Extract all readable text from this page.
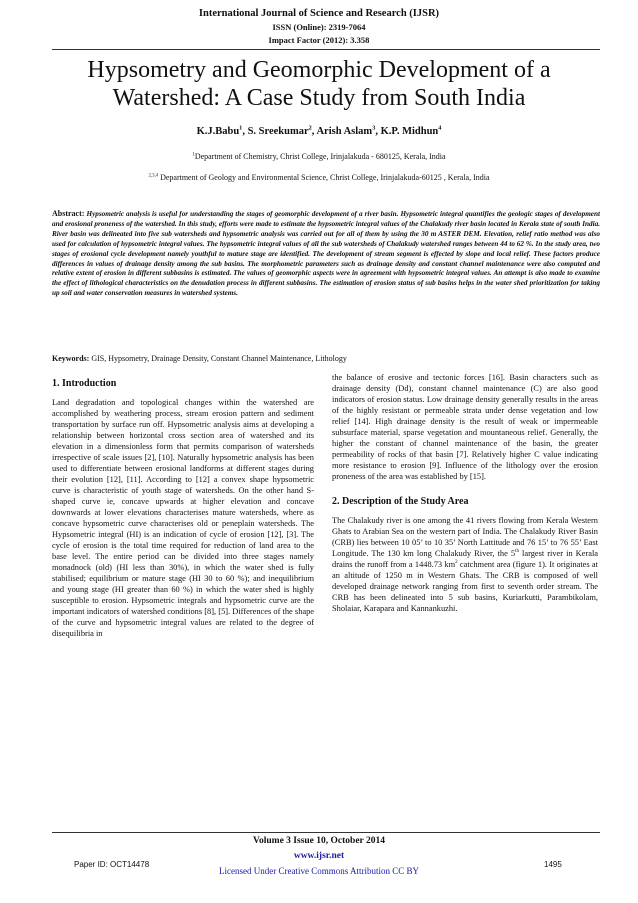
International Journal of Science and Research (IJSR)
ISSN (Online): 2319-7064
Impact Factor (2012): 3.358
Hypsometry and Geomorphic Development of a Watershed: A Case Study from South India
K.J.Babu$^1$, S. Sreekumar$^2$, Arish Aslam$^3$, K.P. Midhun$^4$
$^1$Department of Chemistry, Christ College, Irinjalakuda - 680125, Kerala, India
$^{2,3,4}$ Department of Geology and Environmental Science, Christ College, Irinjalakuda-60125 , Kerala, India
Abstract: Hypsometric analysis is useful for understanding the stages of geomorphic development of a river basin. Hypsometric integral quantifies the geologic stages of development and erosional proneness of the watershed. In this study, efforts were made to estimate the hypsometric integral values of the Chalakudy river basin located in Kerala state of south India. River basin was delineated into five sub watersheds and hypsometric analysis was carried out for all of them by using the 30 m ASTER DEM. Elevation, relief ratio method was also used for calculation of hypsometric integral values. The hypsometric integral values of all the sub watersheds of Chalakudy watershed ranges between 44 to 62 %. In the study area, two stages of erosional cycle development namely youthful to mature stage are identified. The development of stream segment is effected by slope and local relief. These factors produce differences in values of drainage density among the sub basins. The morphometric parameters such as drainage density and constant channel maintenance were also computed and relative extent of erosion in different subbasins is estimated. The values of geomorphic aspects were in agreement with hypsometric integral values. An attempt is also made to examine the effect of lithological characteristics on the denudation process in different subbasins. The estimation of erosion status of sub basins helps in the water shed prioritization for taking up soil and water conservation measures in watershed systems.
Keywords: GIS, Hypsometry, Drainage Density, Constant Channel Maintenance, Lithology
1. Introduction

Land degradation and topological changes within the watershed are accomplished by weathering process, stream erosion pattern and sediment transportation by surface run off. Hypsometric analysis aims at developing a relationship between horizontal cross section area of watershed and its elevation in a dimensionless form that permits comparison of watersheds irrespective of scale issues [2], [10]. Naturally hypsometric analysis has been used to differentiate between erosional landforms at different stages during their evolution [12], [11]. According to [12] a convex shape hypsometric curve is characteristic of youth stage of watersheds. On the other hand S-shaped curve ie, concave upwards at higher elevation and concave downwards at lower elevations characterises mature watersheds, where as concave hypsometric curve characterises old or peneplain watersheds. The Hypsometric integral (HI) is an indication of cycle of erosion [12], [3]. The cycle of erosion is the total time required for reduction of land area to the base level. The entire period can be divided into three stages namely monadnock (old) (HI less than 30%), in which the water shed is fully stabilised; equilibrium or mature stage (HI 30 to 60 %); and inequilibrium and young stage (HI greater than 60 %) in which the water shed is highly susceptible to erosion. Hypsometric integrals and hypsometric curve are the important indicators of watershed conditions [8], [5]. Differences of the shape of the curve and hypsometric integral values are related to the degree of disequilibria in

the balance of erosive and tectonic forces [16]. Basin characters such as drainage density (Dd), constant channel maintenance (C) are also good indicators of erosion status. Low drainage density generally results in the areas of the highly resistant or permeable strata under dense vegetation and low relief [14]. High drainage density is the result of weak or impermeable subsurface material, sparse vegetation and mountaneous relief. Generally, the higher the constant of channel maintenance of the basin, the greater permeability of rocks of that basin [7]. Relatively higher C value indicating more resistance to erosion [9]. Influence of the lithology over the erosion proneness of the area was established by [15].

2. Description of the Study Area

The Chalakudy river is one among the 41 rivers flowing from Kerala Western Ghats to Arabian Sea on the western part of India. The Chalakudy River Basin (CRB) lies between 10 05’ to 10 35’ North Lattitude and 76 15’ to 76 55’ East Longitude. The 130 km long Chalakudy River, the 5th largest river in Kerala drains the runoff from a 1448.73 $km^2$ catchment area (figure 1). It originates at an altitude of 1250 m in Western Ghats. The CRB is composed of well developed drainage network ranging from first to seventh order stream. The CRB has been delineated into 5 sub basins, Kuriarkutti, Parambikolam, Sholaiar, Karapara and Kannankuzhi.

Volume 3 Issue 10, October 2014
www.ijsr.net
Licensed Under Creative Commons Attribution CC BY
Paper ID: OCT14478	1495
